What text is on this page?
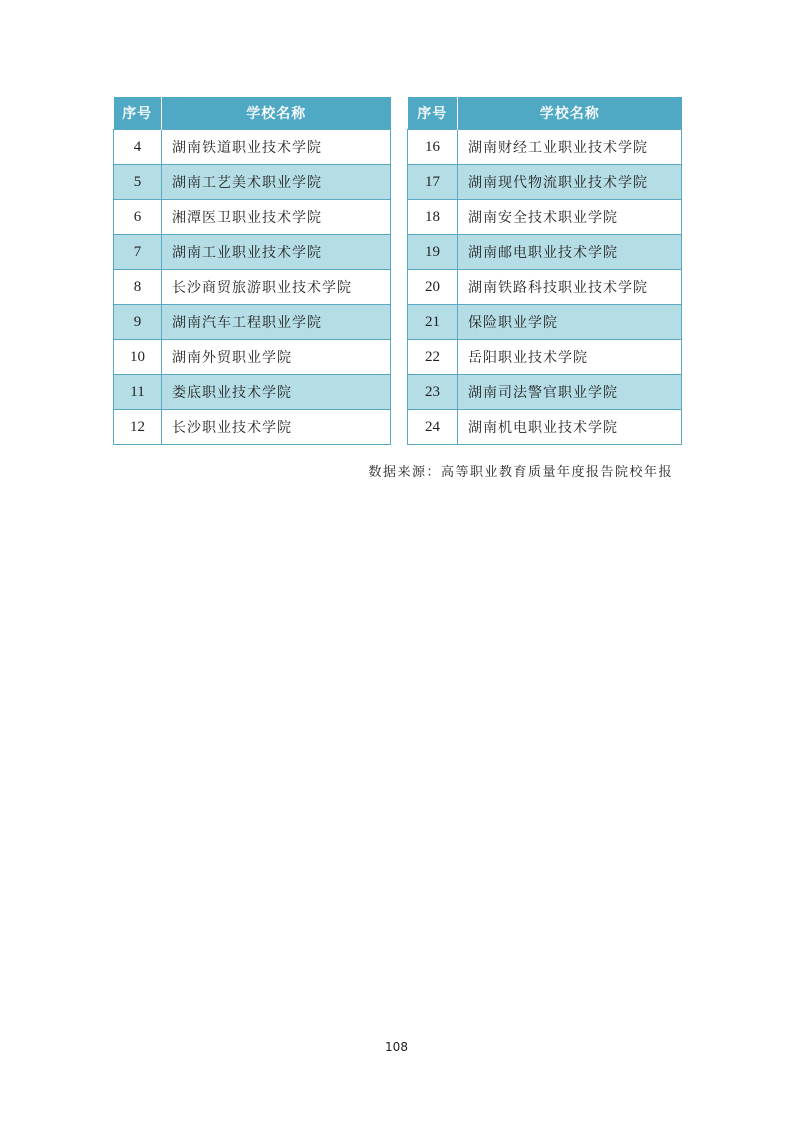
序号	学校名称
4	湖南铁道职业技术学院
5	湖南工艺美术职业学院
6	湘潭医卫职业技术学院
7	湖南工业职业技术学院
8	长沙商贸旅游职业技术学院
9	湖南汽车工程职业学院
10	湖南外贸职业学院
11	娄底职业技术学院
12	长沙职业技术学院
序号	学校名称
16	湖南财经工业职业技术学院
17	湖南现代物流职业技术学院
18	湖南安全技术职业学院
19	湖南邮电职业技术学院
20	湖南铁路科技职业技术学院
21	保险职业学院
22	岳阳职业技术学院
23	湖南司法警官职业学院
24	湖南机电职业技术学院
数据来源：高等职业教育质量年度报告院校年报
108
